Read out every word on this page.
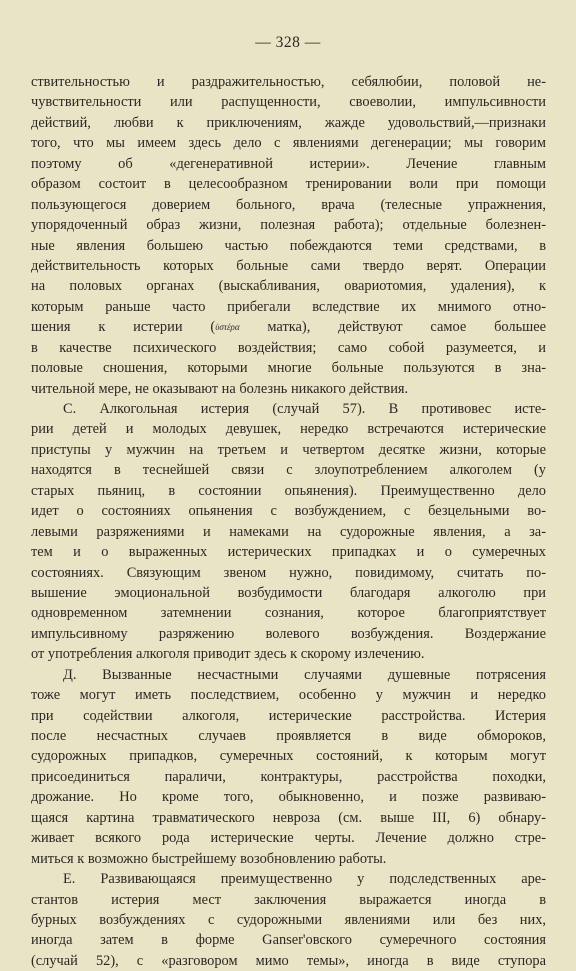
— 328 —
ствительностью и раздражительностью, себялюбии, половой не-
чувствительности или распущенности, своеволии, импульсивности
действий, любви к приключениям, жажде удовольствий,—признаки
того, что мы имеем здесь дело с явлениями дегенерации; мы говорим
поэтому об «дегенеративной истерии». Лечение главным
образом состоит в целесообразном тренировании воли при помощи
пользующегося доверием больного, врача (телесные упражнения,
упорядоченный образ жизни, полезная работа); отдельные болезнен-
ные явления большею частью побеждаются теми средствами, в
действительность которых больные сами твердо верят. Операции
на половых органах (выскабливания, овариотомия, удаления), к
которым раньше часто прибегали вследствие их мнимого отно-
шения к истерии (ὑστέρα матка), действуют самое большее
в качестве психического воздействия; само собой разумеется, и
половые сношения, которыми многие больные пользуются в зна-
чительной мере, не оказывают на болезнь никакого действия.
С. Алкогольная истерия (случай 57). В противовес исте-
рии детей и молодых девушек, нередко встречаются истерические
приступы у мужчин на третьем и четвертом десятке жизни, которые
находятся в теснейшей связи с злоупотреблением алкоголем (у
старых пьяниц, в состоянии опьянения). Преимущественно дело
идет о состояниях опьянения с возбуждением, с безцельными во-
левыми разряжениями и намеками на судорожные явления, а за-
тем и о выраженных истерических припадках и о сумеречных
состояниях. Связующим звеном нужно, повидимому, считать по-
вышение эмоциональной возбудимости благодаря алкоголю при
одновременном затемнении сознания, которое благоприятствует
импульсивному разряжению волевого возбуждения. Воздержание
от употребления алкоголя приводит здесь к скорому излечению.
Д. Вызванные несчастными случаями душевные потрясения
тоже могут иметь последствием, особенно у мужчин и нередко
при содействии алкоголя, истерические расстройства. Истерия
после несчастных случаев проявляется в виде обмороков,
судорожных припадков, сумеречных состояний, к которым могут
присоединиться параличи, контрактуры, расстройства походки,
дрожание. Но кроме того, обыкновенно, и позже развиваю-
щаяся картина травматического невроза (см. выше III, 6) обнару-
живает всякого рода истерические черты. Лечение должно стре-
миться к возможно быстрейшему возобновлению работы.
Е. Развивающаяся преимущественно у подследственных аре-
стантов истерия мест заключения выражается иногда в
бурных возбуждениях с судорожными явлениями или без них,
иногда затем в форме Ganser'овского сумеречного состояния
(случай 52), с «разговором мимо темы», иногда в виде ступора
